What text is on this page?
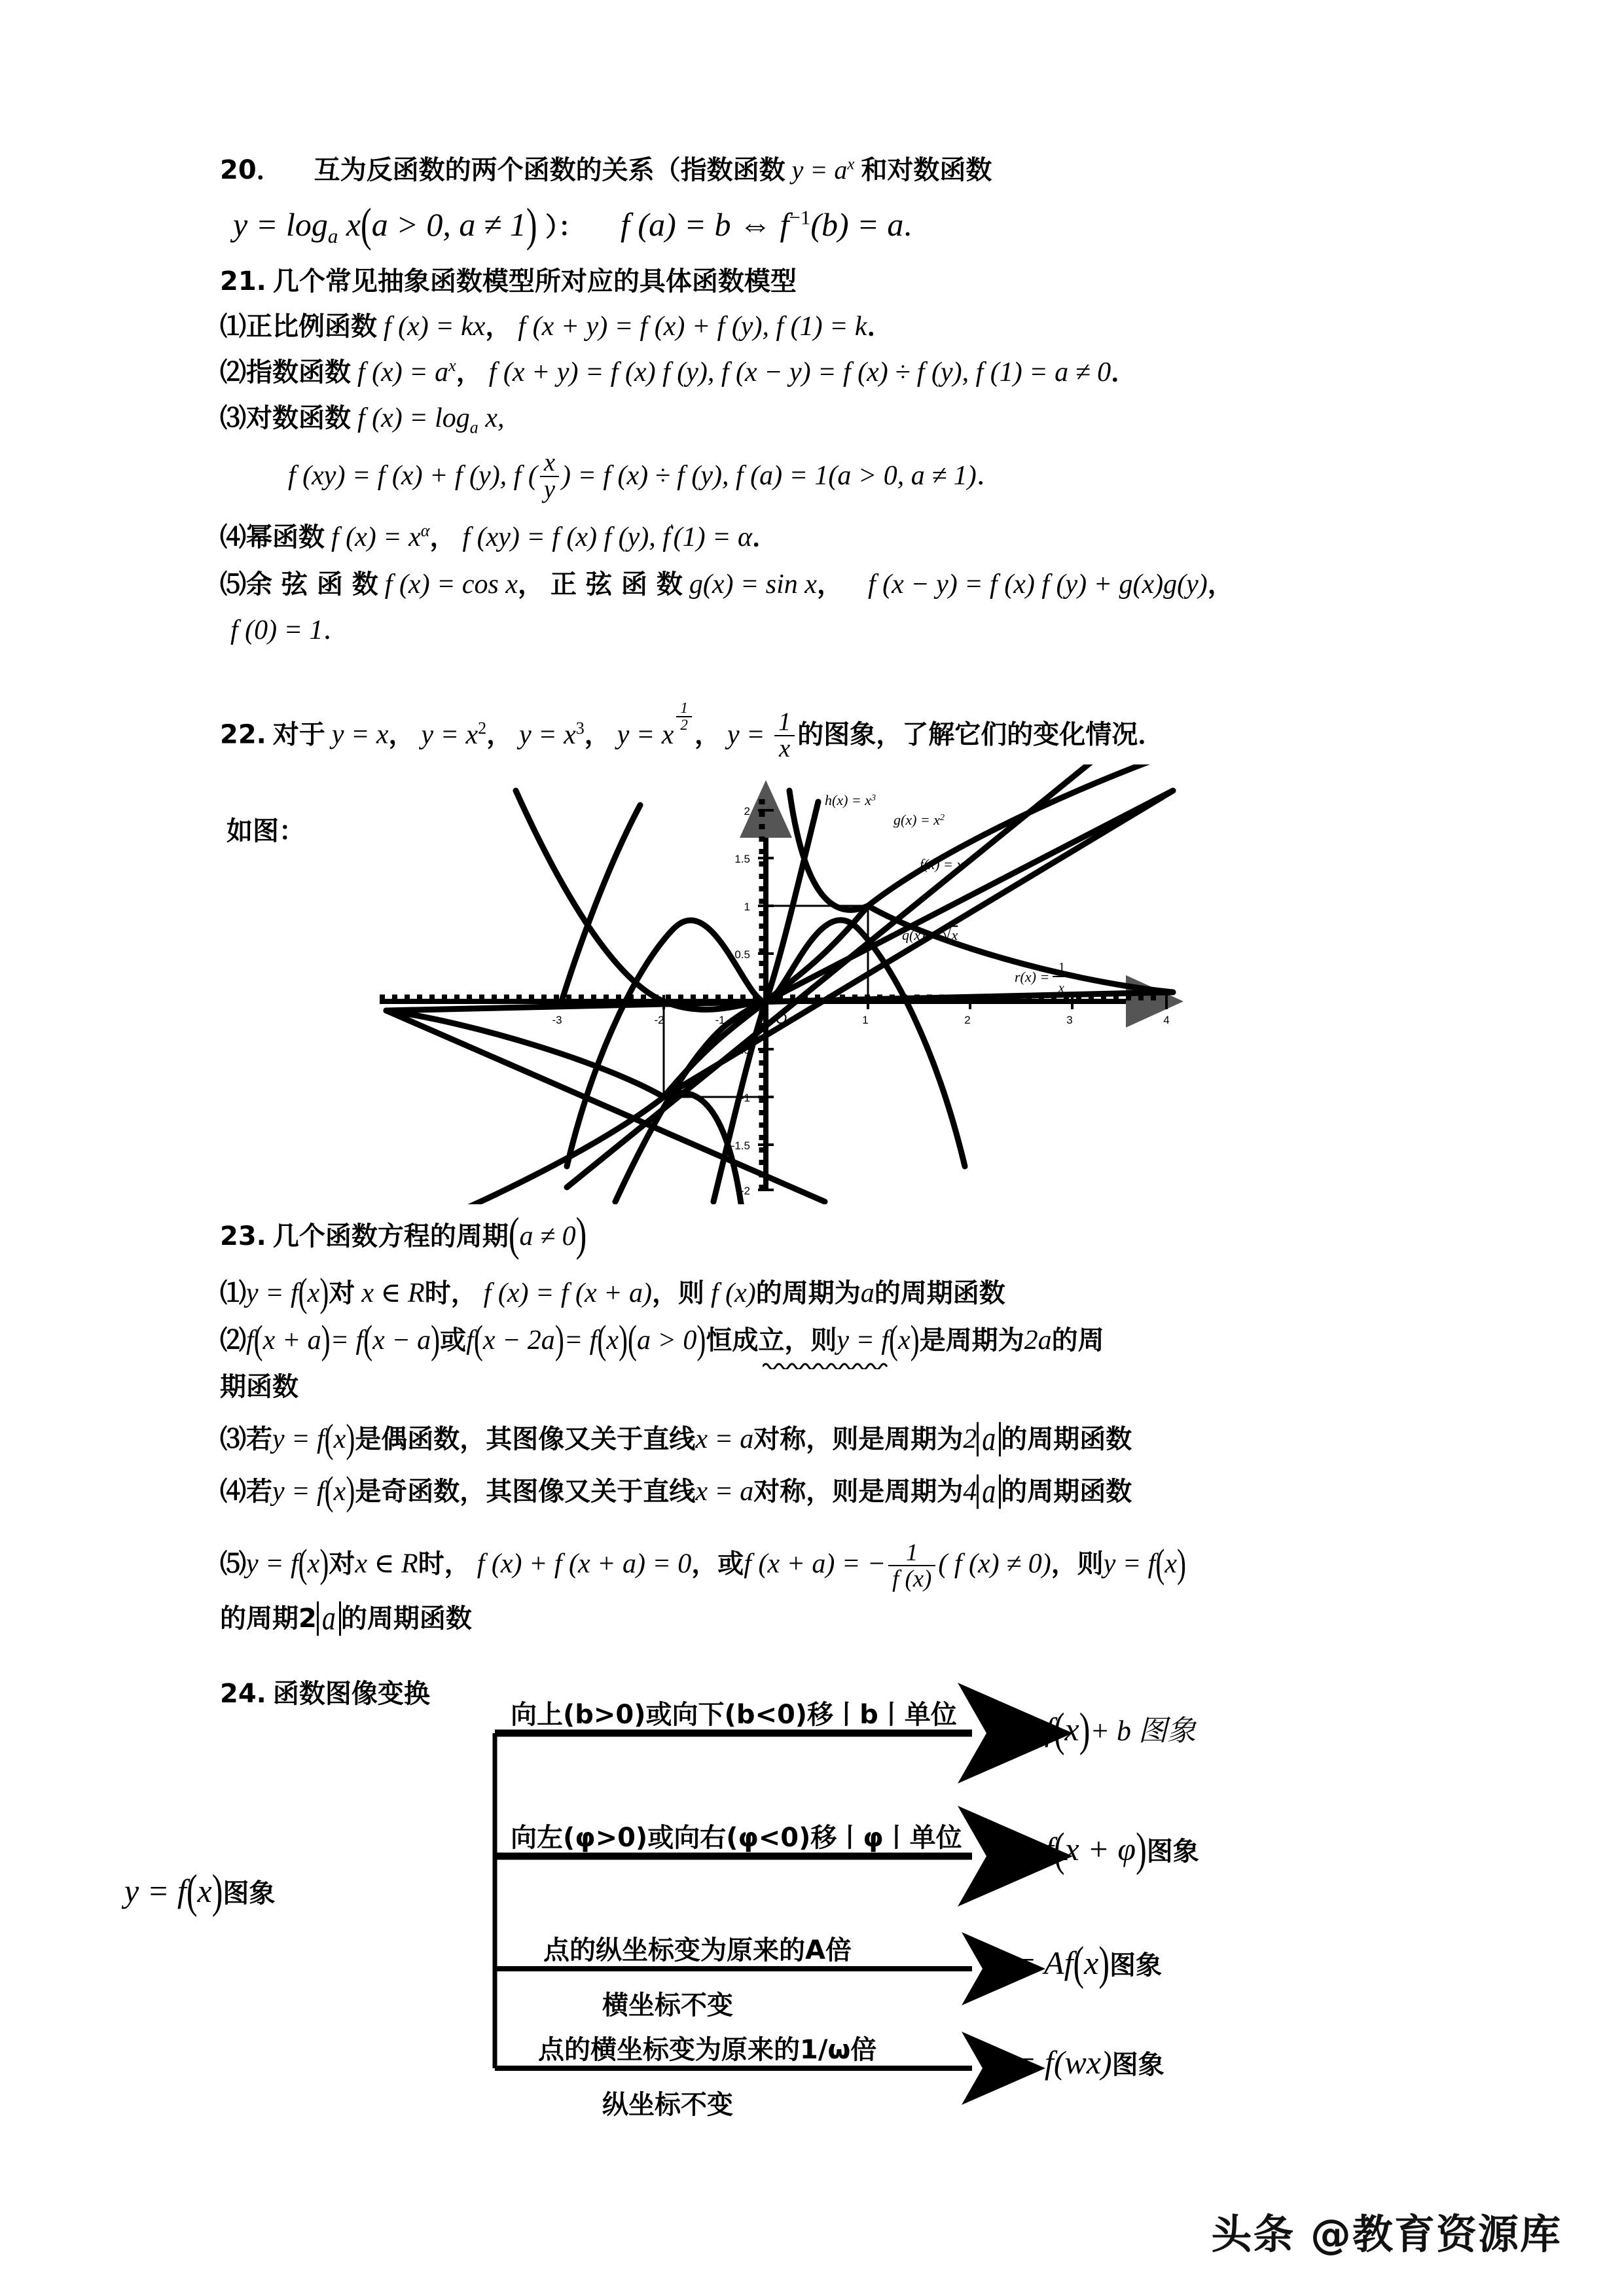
20． 互为反函数的两个函数的关系（指数函数 $y = a^x$ 和对数函数
$y = \log_a x(a > 0$, a ≠ 1) ）： f (a) = b ⇔ $f^{-1}(b) = a$.
21. 几个常见抽象函数模型所对应的具体函数模型
⑴正比例函数 f (x) = kx， f (x + y) = f (x) + f (y), f (1) = k．
⑵指数函数 f $(x) = a^x$， f (x + y) = f (x) f (y), f (x − y) = f (x) ÷ f (y), f (1) = a ≠ 0．
⑶对数函数 f $(x) = \log_a x$,
f (xy) = f (x) + f (y), f ( $\frac{x}{y}$ ) = f (x) ÷ f (y), f (a) = 1(a > 0, a ≠ 1)．
⑷幂函数 f $(x) = x^\alpha$， f (xy) = f (x) f (y), f'(1) = α．
⑸余 弦 函 数 f (x) = cos x， 正 弦 函 数 g(x) = sin x， f (x − y) = f (x) f (y) + g(x)g(y)，
f (0) = 1．
22. 对于 y = x， $y = x^2$， $y = x^3$， y = x
$\frac{1}{2}$
， $y = \frac{1}{x}$ 的图象，了解它们的变化情况．
如图：
-3	-2	-1	1	2	3	4
2
1.5
1
0.5
-0.5
-1
-1.5
-2
O
$h(x) = x^3$
$g(x) = x^2$
f(x) = x
q(x) = √x
r(x) =
1
x
23. 几个函数方程的周期(a ≠ 0)
⑴y = f(x)对 x ∈ R时， f (x) = f (x + a)，则 f (x)的周期为a的周期函数
⑵f(x + a)= f(x − a)或f(x − 2a)= f(x)(a > 0)恒成立，则y = f(x)是周期为2a的周
期函数
⑶若y = f(x)是偶函数，其图像又关于直线x = a对称，则是周期为2 a 的周期函数
⑷若y = f(x)是奇函数，其图像又关于直线x = a对称，则是周期为4 a 的周期函数
⑸y = f(x)对x ∈ R时， f (x) + f (x + a) = 0，或f (x + a) = − $\frac{1}{f (x)}$ ( f (x) ≠ 0)，则y = f(x)
的周期2 a 的周期函数
24. 函数图像变换
y = f(x)图象
向上(b>0)或向下(b<0)移丨b丨单位 y = f(x)+ b 图象
向左(φ>0)或向右(φ<0)移丨φ丨单位 y = f(x + φ)图象
点的纵坐标变为原来的A倍
横坐标不变
y = Af(x)图象
点的横坐标变为原来的1/ω倍
纵坐标不变
y = f(wx)图象
头条 @教育资源库
